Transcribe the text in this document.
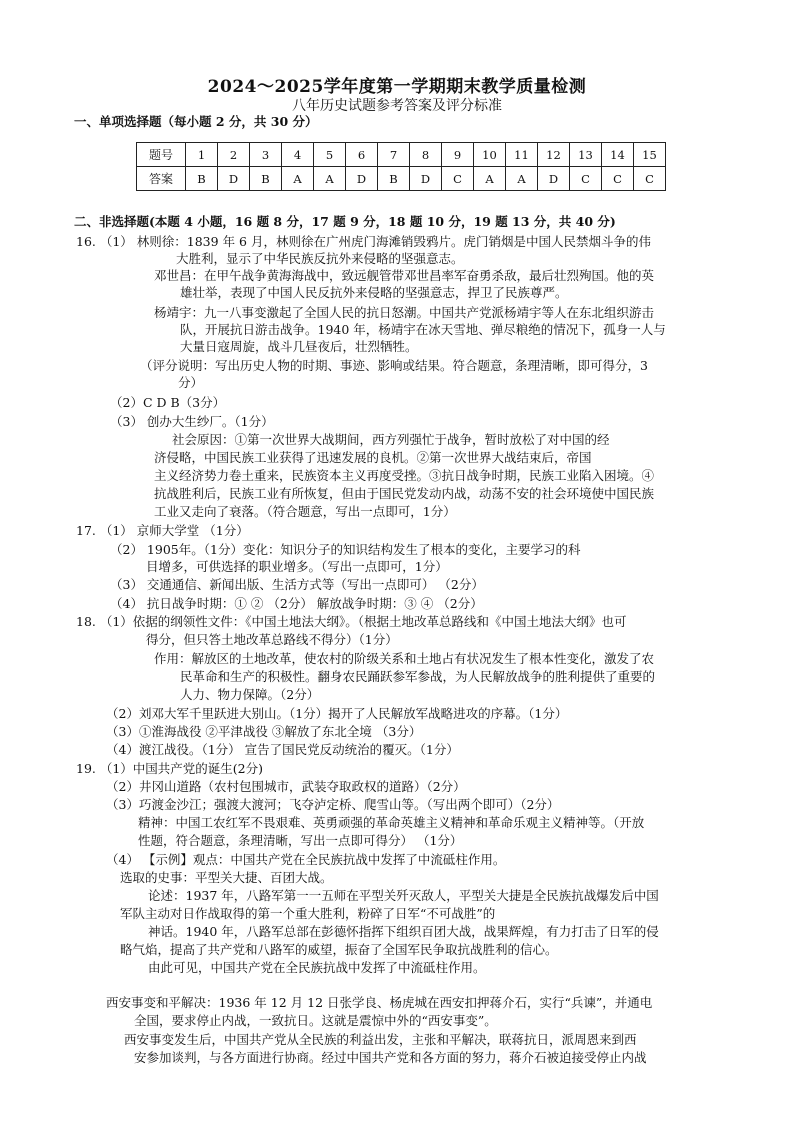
2024～2025学年度第一学期期末教学质量检测
八年历史试题参考答案及评分标准
一、单项选择题（每小题 2 分，共 30 分）
题号	1	2	3	4	5	6	7	8	9	10	11	12	13	14	15
答案	B	D	B	A	A	D	B	D	C	A	A	D	C	C	C
二、非选择题(本题 4 小题，16 题 8 分，17 题 9 分，18 题 10 分，19 题 13 分，共 40 分)
16. （1） 林则徐：1839 年 6 月，林则徐在广州虎门海滩销毁鸦片。虎门销烟是中国人民禁烟斗争的伟
大胜利，显示了中华民族反抗外来侵略的坚强意志。
邓世昌：在甲午战争黄海海战中，致远舰管带邓世昌率军奋勇杀敌，最后壮烈殉国。他的英
雄壮举，表现了中国人民反抗外来侵略的坚强意志，捍卫了民族尊严。
杨靖宇：九一八事变激起了全国人民的抗日怒潮。中国共产党派杨靖宇等人在东北组织游击
队，开展抗日游击战争。1940 年，杨靖宇在冰天雪地、弹尽粮绝的情况下，孤身一人与
大量日寇周旋，战斗几昼夜后，壮烈牺牲。
（评分说明：写出历史人物的时期、事迹、影响或结果。符合题意，条理清晰，即可得分，3
分）
（2）C D B（3分）
（3） 创办大生纱厂。（1分）
社会原因：①第一次世界大战期间，西方列强忙于战争，暂时放松了对中国的经
济侵略，中国民族工业获得了迅速发展的良机。②第一次世界大战结束后，帝国
主义经济势力卷土重来，民族资本主义再度受挫。③抗日战争时期，民族工业陷入困境。④
抗战胜利后，民族工业有所恢复，但由于国民党发动内战，动荡不安的社会环境使中国民族
工业又走向了衰落。（符合题意，写出一点即可，1分）
17. （1） 京师大学堂 （1分）
（2） 1905年。（1分）变化：知识分子的知识结构发生了根本的变化，主要学习的科
目增多，可供选择的职业增多。（写出一点即可，1分）
（3） 交通通信、新闻出版、生活方式等（写出一点即可） （2分）
（4） 抗日战争时期：① ② （2分） 解放战争时期：③ ④ （2分）
18. （1）依据的纲领性文件：《中国土地法大纲》。（根据土地改革总路线和《中国土地法大纲》也可
得分，但只答土地改革总路线不得分）（1分）
作用：解放区的土地改革，使农村的阶级关系和土地占有状况发生了根本性变化，激发了农
民革命和生产的积极性。翻身农民踊跃参军参战，为人民解放战争的胜利提供了重要的
人力、物力保障。（2分）
（2）刘邓大军千里跃进大别山。（1分）揭开了人民解放军战略进攻的序幕。（1分）
（3）①淮海战役 ②平津战役 ③解放了东北全境 （3分）
（4）渡江战役。（1分） 宣告了国民党反动统治的覆灭。（1分）
19. （1）中国共产党的诞生(2分)
（2）井冈山道路（农村包围城市，武装夺取政权的道路）（2分）
（3）巧渡金沙江；强渡大渡河；飞夺泸定桥、爬雪山等。（写出两个即可）（2分）
精神：中国工农红军不畏艰难、英勇顽强的革命英雄主义精神和革命乐观主义精神等。（开放
性题，符合题意，条理清晰，写出一点即可得分） （1分）
（4） 【示例】观点：中国共产党在全民族抗战中发挥了中流砥柱作用。
选取的史事：平型关大捷、百团大战。
论述：1937 年，八路军第一一五师在平型关歼灭敌人，平型关大捷是全民族抗战爆发后中国
军队主动对日作战取得的第一个重大胜利，粉碎了日军“不可战胜”的
神话。1940 年，八路军总部在彭德怀指挥下组织百团大战，战果辉煌，有力打击了日军的侵
略气焰，提高了共产党和八路军的威望，振奋了全国军民争取抗战胜利的信心。
由此可见，中国共产党在全民族抗战中发挥了中流砥柱作用。
西安事变和平解决：1936 年 12 月 12 日张学良、杨虎城在西安扣押蒋介石，实行“兵谏”，并通电
全国，要求停止内战，一致抗日。这就是震惊中外的“西安事变”。
西安事变发生后，中国共产党从全民族的利益出发，主张和平解决，联蒋抗日，派周恩来到西
安参加谈判，与各方面进行协商。经过中国共产党和各方面的努力，蒋介石被迫接受停止内战
